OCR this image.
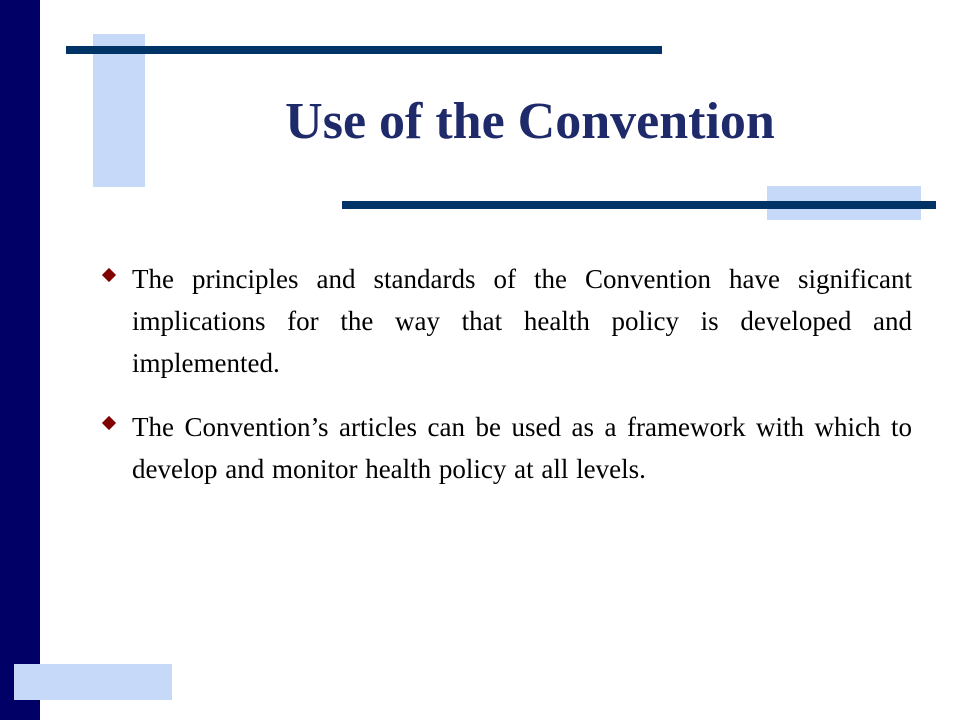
Use of the Convention
The principles and standards of the Convention have significant implications for the way that health policy is developed and implemented.
The Convention’s articles can be used as a framework with which to develop and monitor health policy at all levels.
